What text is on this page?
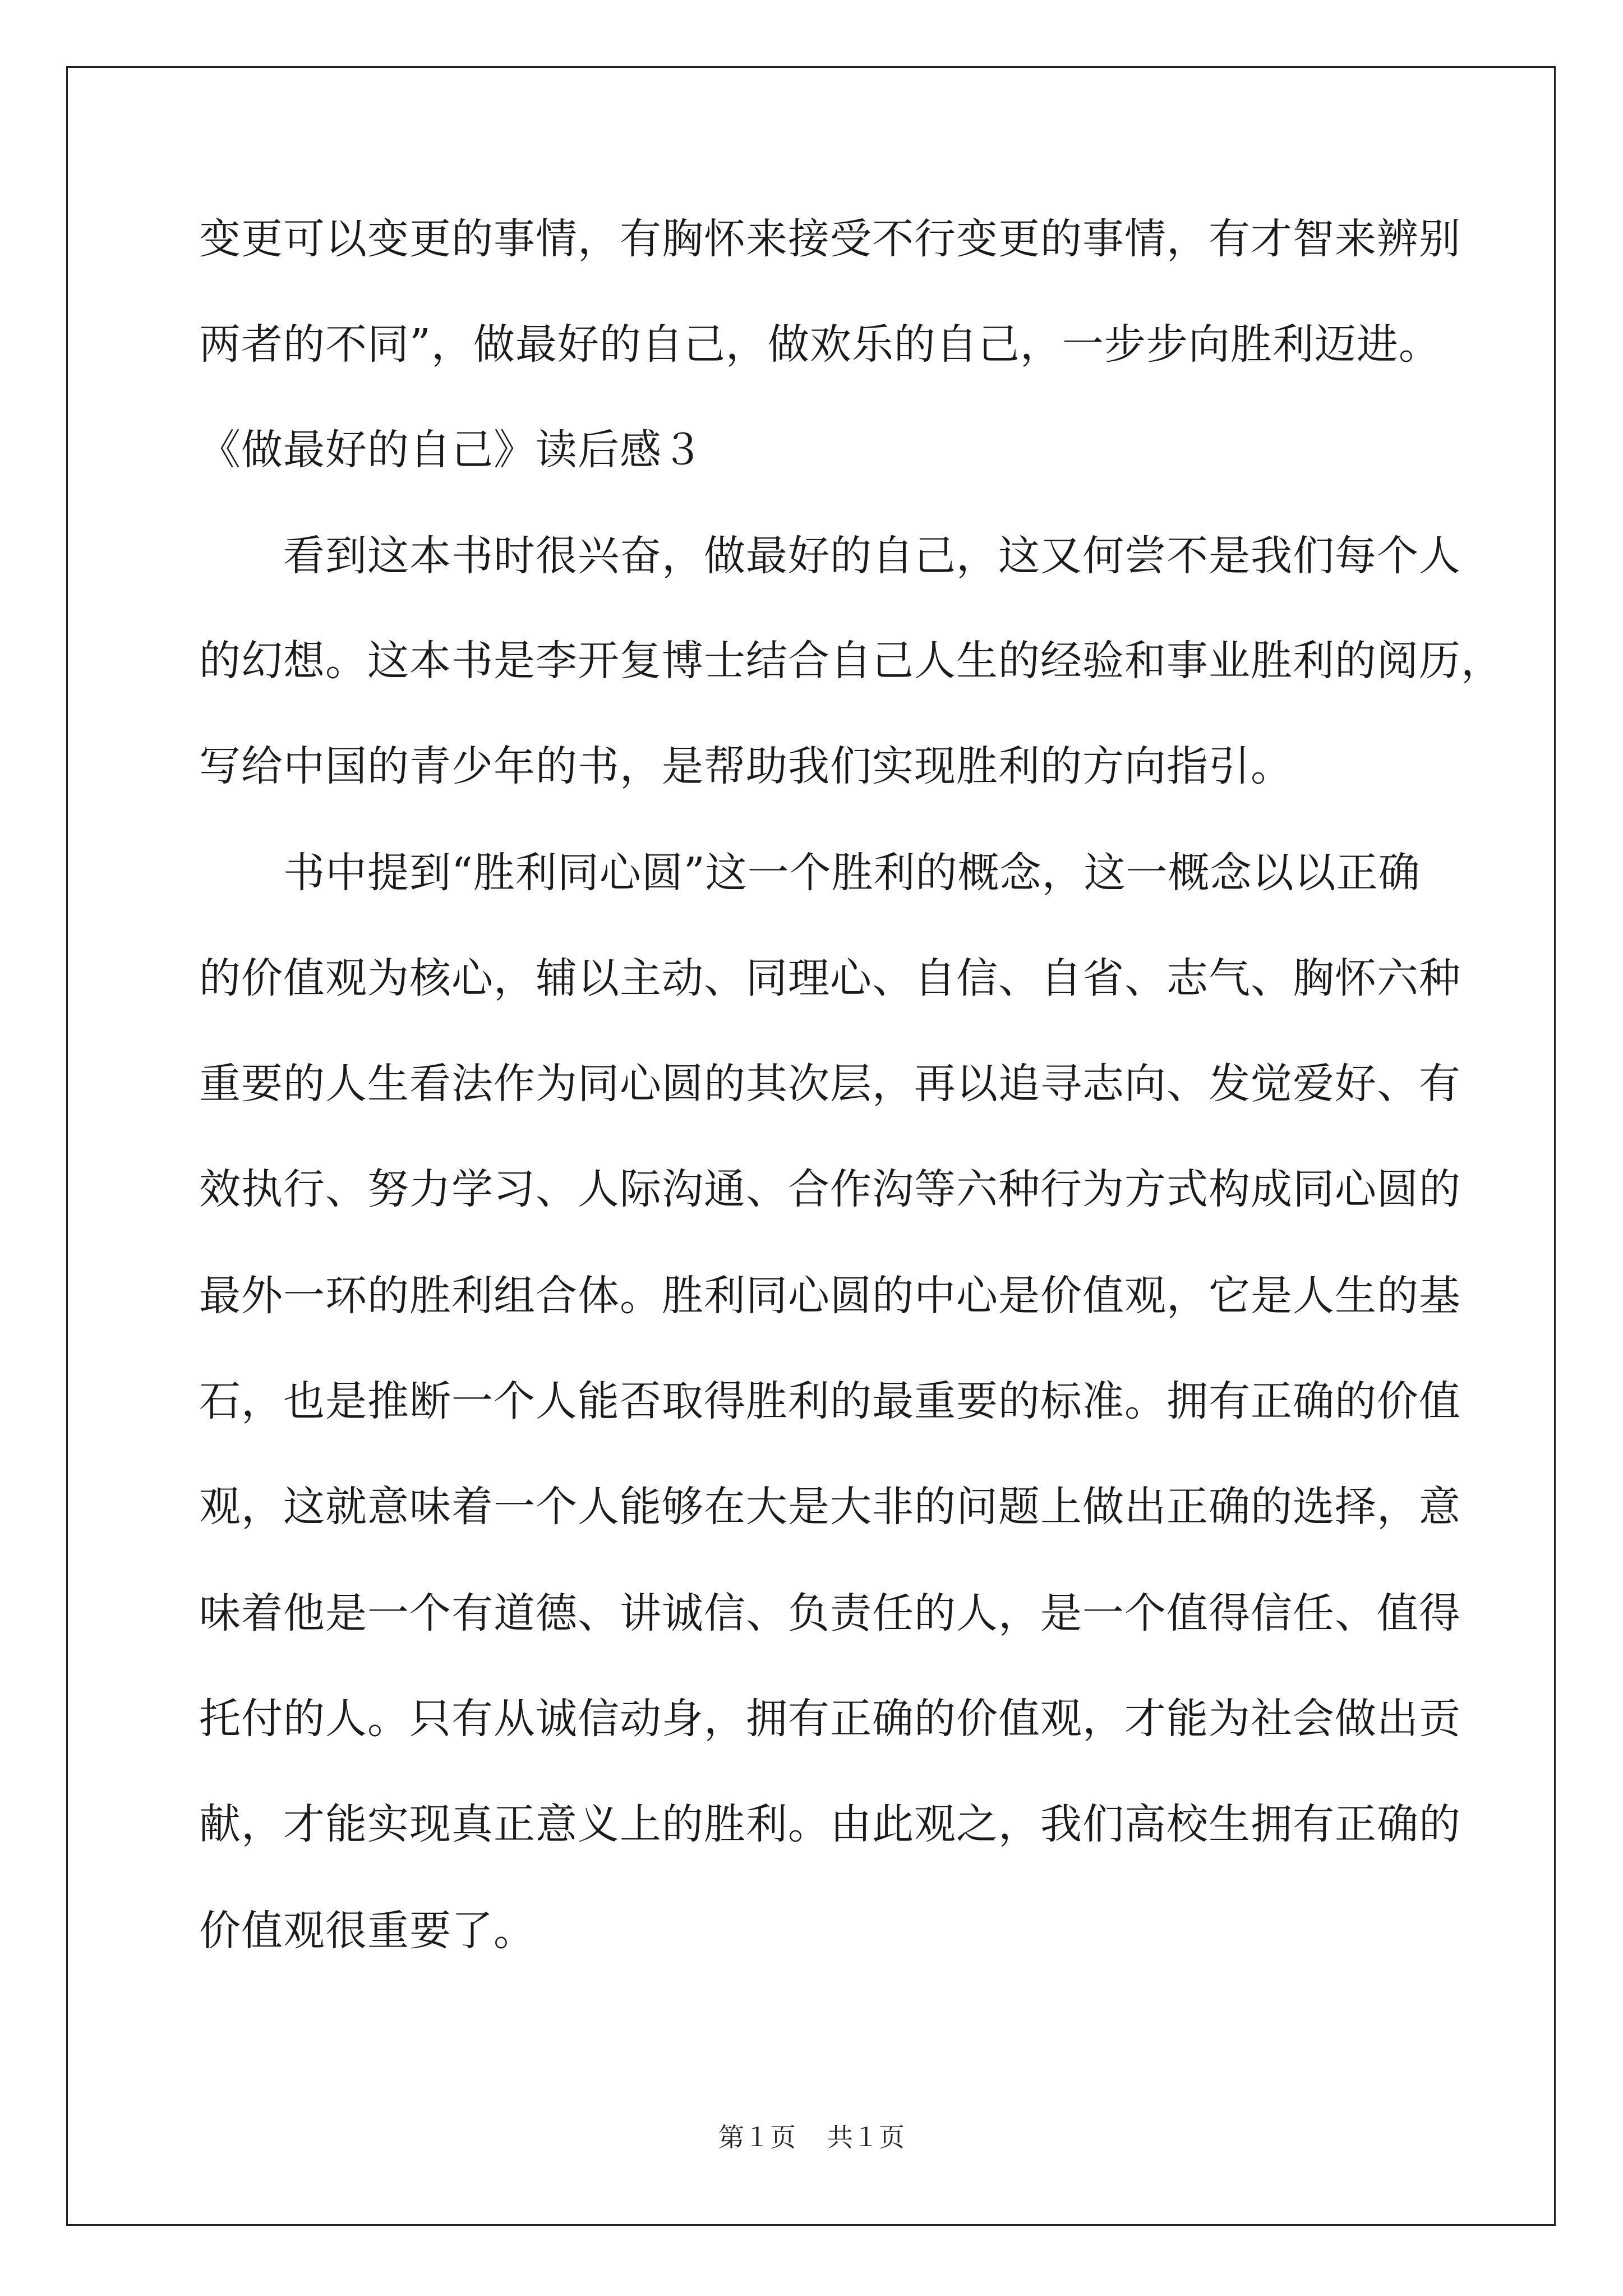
变更可以变更的事情，有胸怀来接受不行变更的事情，有才智来辨别
两者的不同”，做最好的自己，做欢乐的自己，一步步向胜利迈进。
《做最好的自己》读后感３
看到这本书时很兴奋，做最好的自己，这又何尝不是我们每个人
的幻想。这本书是李开复博士结合自己人生的经验和事业胜利的阅历，
写给中国的青少年的书，是帮助我们实现胜利的方向指引。
书中提到“胜利同心圆”这一个胜利的概念，这一概念以以正确
的价值观为核心，辅以主动、同理心、自信、自省、志气、胸怀六种
重要的人生看法作为同心圆的其次层，再以追寻志向、发觉爱好、有
效执行、努力学习、人际沟通、合作沟等六种行为方式构成同心圆的
最外一环的胜利组合体。胜利同心圆的中心是价值观，它是人生的基
石，也是推断一个人能否取得胜利的最重要的标准。拥有正确的价值
观，这就意味着一个人能够在大是大非的问题上做出正确的选择，意
味着他是一个有道德、讲诚信、负责任的人，是一个值得信任、值得
托付的人。只有从诚信动身，拥有正确的价值观，才能为社会做出贡
献，才能实现真正意义上的胜利。由此观之，我们高校生拥有正确的
价值观很重要了。
第１页 共１页
